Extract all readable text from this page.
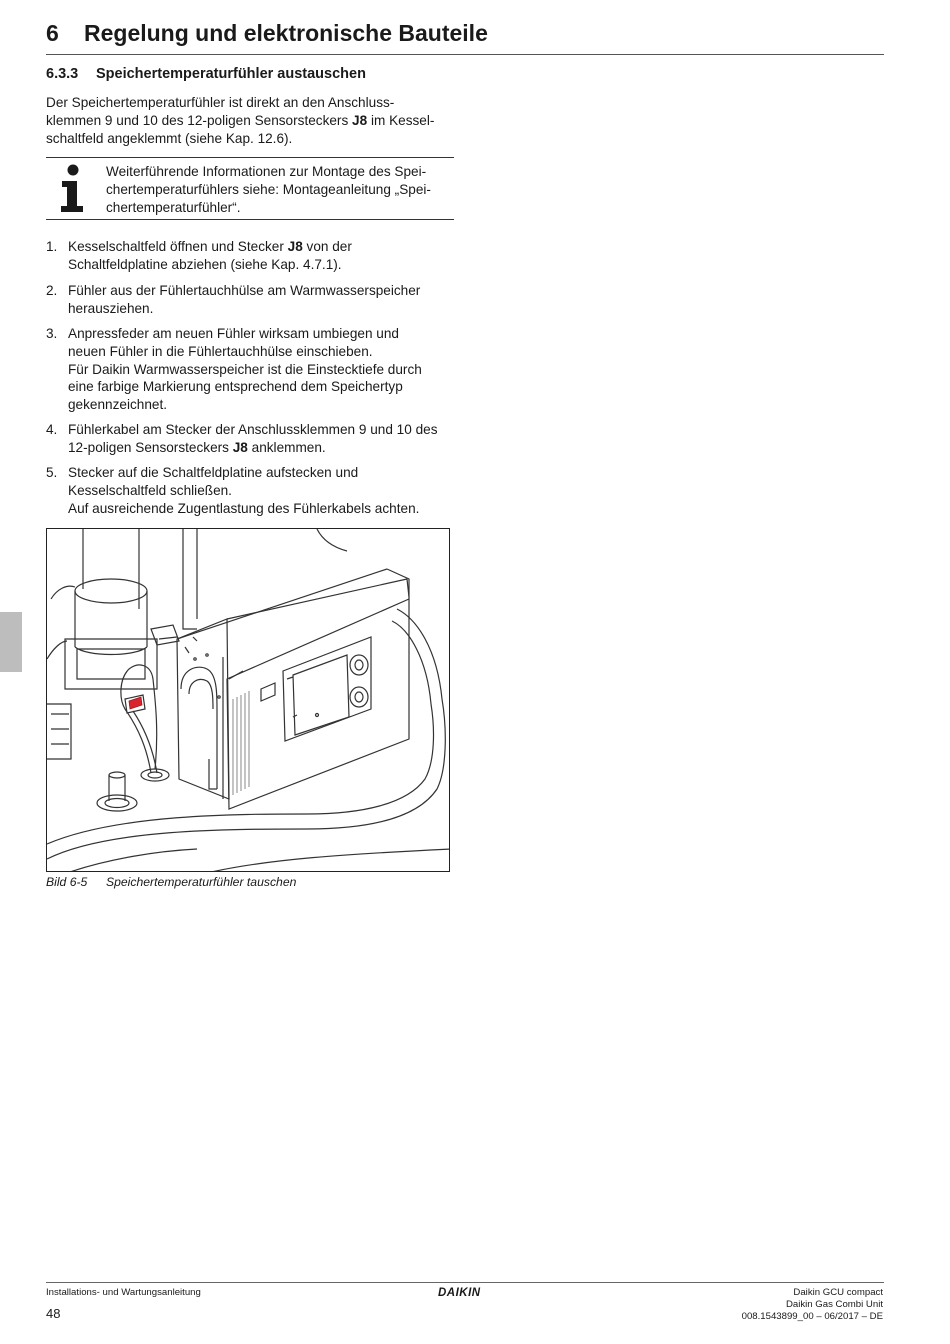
6 Regelung und elektronische Bauteile
6.3.3 Speichertemperaturfühler austauschen
Der Speichertemperaturfühler ist direkt an den Anschluss-
klemmen 9 und 10 des 12-poligen Sensorsteckers J8 im Kessel-
schaltfeld angeklemmt (siehe Kap. 12.6).
Weiterführende Informationen zur Montage des Spei-
chertemperaturfühlers siehe: Montageanleitung „Spei-
chertemperaturfühler“.
1. Kesselschaltfeld öffnen und Stecker J8 von der
Schaltfeldplatine abziehen (siehe Kap. 4.7.1).
2. Fühler aus der Fühlertauchhülse am Warmwasserspeicher
herausziehen.
3. Anpressfeder am neuen Fühler wirksam umbiegen und
neuen Fühler in die Fühlertauchhülse einschieben.
Für Daikin Warmwasserspeicher ist die Einstecktiefe durch
eine farbige Markierung entsprechend dem Speichertyp
gekennzeichnet.
4. Fühlerkabel am Stecker der Anschlussklemmen 9 und 10 des
12-poligen Sensorsteckers J8 anklemmen.
5. Stecker auf die Schaltfeldplatine aufstecken und
Kesselschaltfeld schließen.
Auf ausreichende Zugentlastung des Fühlerkabels achten.
Bild 6-5 Speichertemperaturfühler tauschen
Installations- und Wartungsanleitung
48
DAIKIN	Daikin GCU compact
Daikin Gas Combi Unit
008.1543899_00 – 06/2017 – DE
